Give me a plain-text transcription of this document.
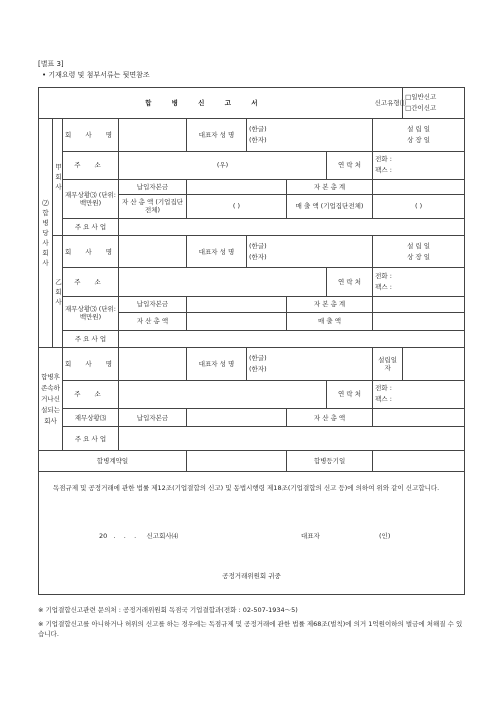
[별표 3]
• 기재요령 및 첨부서류는 뒷면참조
합 병 신 고 서								신고유형⑴	□일반신고
□간이신고

⑵합병당사회사	甲회사	회 사 명		대표자 성 명	(한글)
(한자)			설 립 일
상 장 일	

		주 소	(우)				연 락 처	전화 :
팩스 :	

		재무상황⑶ (단위:백만원)	납입자본금			자 본 총 계			
			자 산 총 액 (기업집단전체)	( )		매 출 액 (기업집단전체)		( )	
		주 요 사 업							

	乙회사	회 사 명		대표자 성 명	(한글)
(한자)			설 립 일
상 장 일	

		주 소					연 락 처	전화 :
팩스 :	

		재무상황⑶ (단위:백만원)	납입자본금			자 본 총 계			
			자 산 총 액			매 출 액			
		주 요 사 업							
합병후존속하거나신설되는회사		회 사 명		대표자 성 명	(한글)
(한자)			설립일자	
		주 소					연 락 처	전화 :
팩스 :	

		재무상황⑶	납입자본금			자 산 총 액			
		주 요 사 업							
합병계약일						합병등기일			

독점규제 및 공정거래에 관한 법률 제12조(기업결합의 신고) 및 동법시행령 제18조(기업결합의 신고 등)에 의하여 위와 같이 신고합니다.
20   .    .    .     신고회사⑷ 대표자 (인)
공정거래위원회 귀중									
※ 기업결합신고관련 문의처 : 공정거래위원회 독점국 기업결합과(전화 : 02-507-1934～5)
※ 기업결합신고를 아니하거나 허위의 신고를 하는 경우에는 독점규제 및 공정거래에 관한 법률 제68조(벌칙)에 의거 1억원이하의 벌금에 처해질 수 있습니다.
